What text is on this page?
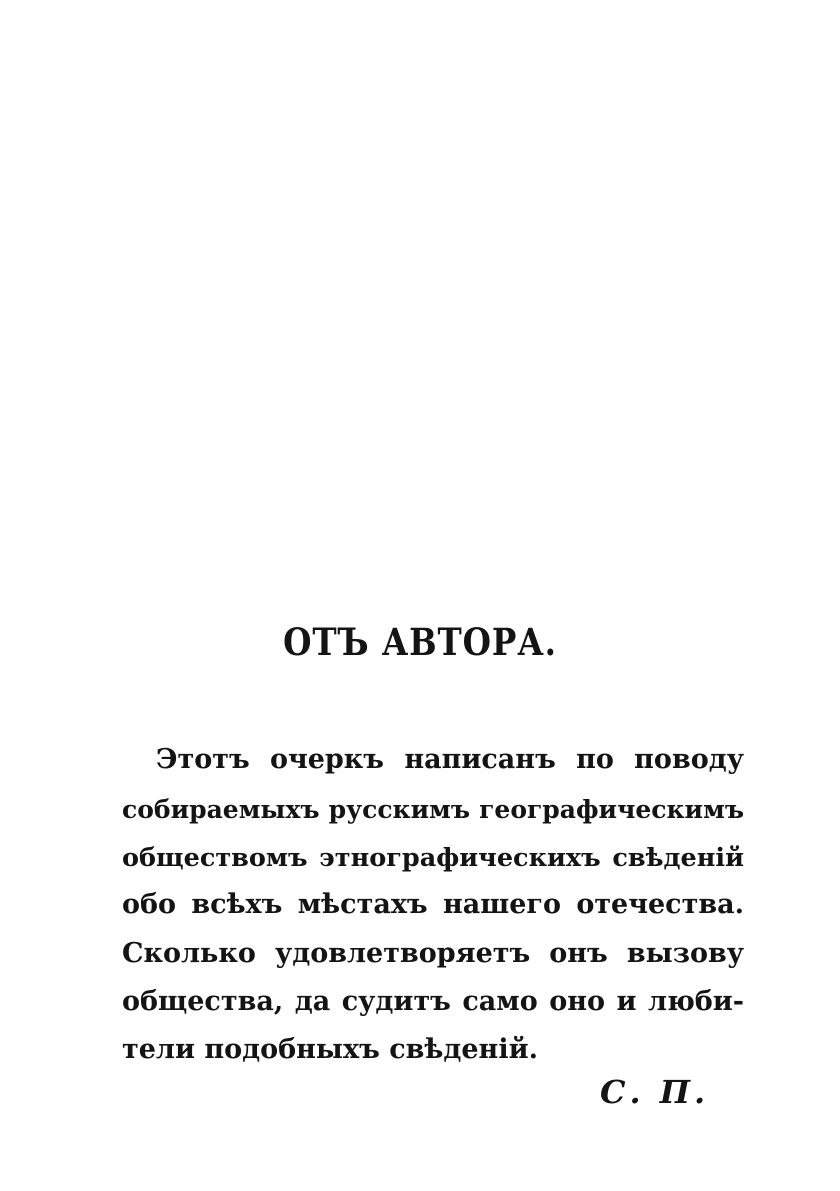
ОТЪ АВТОРА.
Этотъ очеркъ написанъ по поводу
собираемыхъ русскимъ географическимъ
обществомъ этнографическихъ свѣдeній
обо всѣхъ мѣстахъ нашего отечества.
Сколько удовлетворяетъ онъ вызову
общества, да судитъ само оно и люби-
тели подобныхъ свѣдeній.
С. П.
